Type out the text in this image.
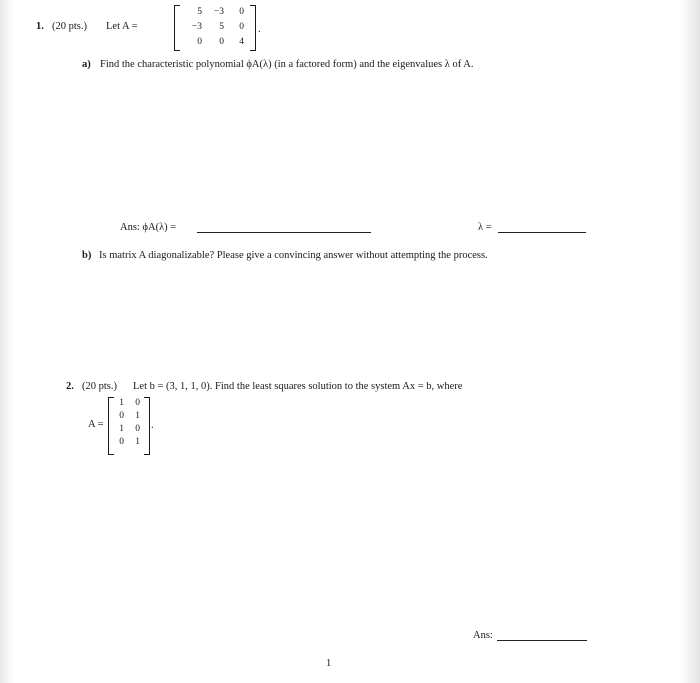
1. (20 pts.) Let A =
5	−3	0
−3	5	0
0	0	4
.
a) Find the characteristic polynomial ϕA(λ) (in a factored form) and the eigenvalues λ of A.
Ans: ϕA(λ) =	λ =
b) Is matrix A diagonalizable? Please give a convincing answer without attempting the process.
2. (20 pts.) Let b = (3, 1, 1, 0). Find the least squares solution to the system Ax = b, where
A =
1	0
0	1
1	0
0	1
.
Ans:
1
